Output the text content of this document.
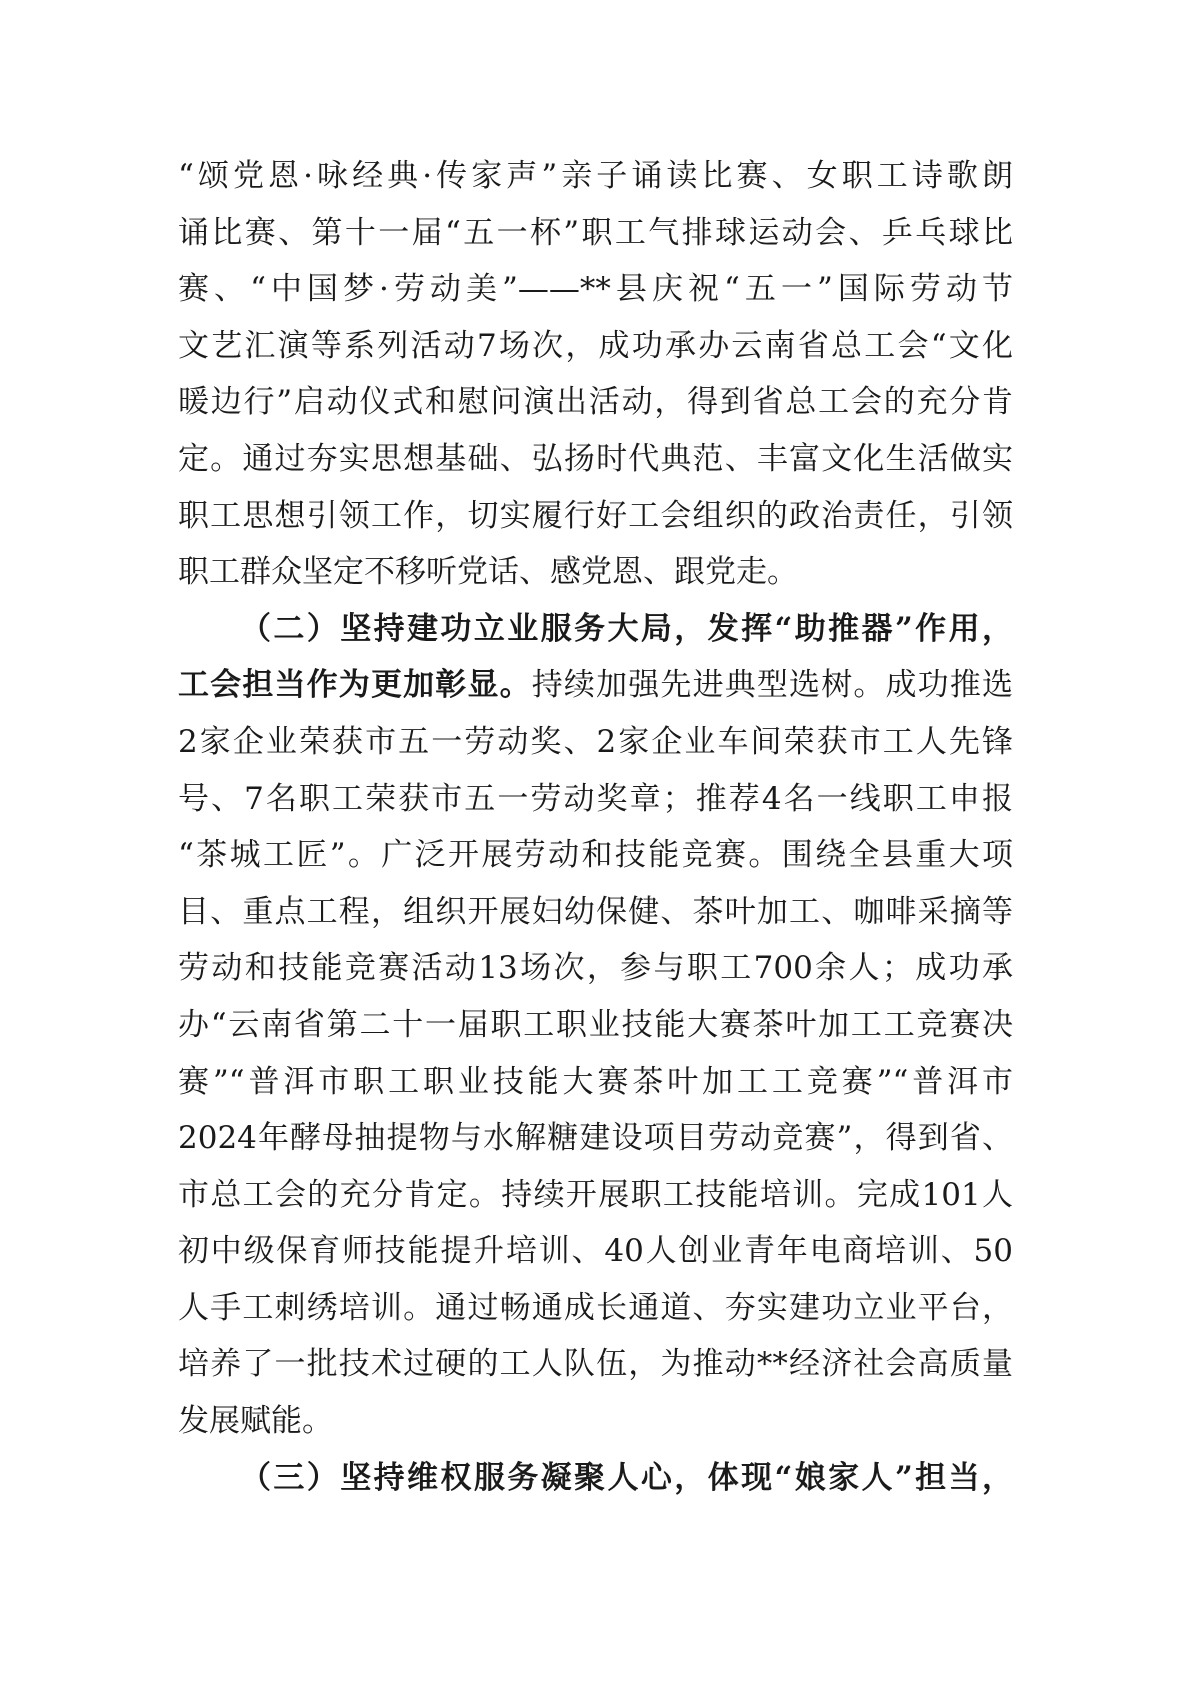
“颂党恩·咏经典·传家声”亲子诵读比赛、女职工诗歌朗
诵比赛、第十一届“五一杯”职工气排球运动会、乒乓球比
赛、“中国梦·劳动美”——**县庆祝“五一”国际劳动节
文艺汇演等系列活动7场次，成功承办云南省总工会“文化
暖边行”启动仪式和慰问演出活动，得到省总工会的充分肯
定。通过夯实思想基础、弘扬时代典范、丰富文化生活做实
职工思想引领工作，切实履行好工会组织的政治责任，引领
职工群众坚定不移听党话、感党恩、跟党走。
（二）坚持建功立业服务大局，发挥“助推器”作用，
工会担当作为更加彰显。持续加强先进典型选树。成功推选
2家企业荣获市五一劳动奖、2家企业车间荣获市工人先锋
号、7名职工荣获市五一劳动奖章；推荐4名一线职工申报
“茶城工匠”。广泛开展劳动和技能竞赛。围绕全县重大项
目、重点工程，组织开展妇幼保健、茶叶加工、咖啡采摘等
劳动和技能竞赛活动13场次，参与职工700余人；成功承
办“云南省第二十一届职工职业技能大赛茶叶加工工竞赛决
赛”“普洱市职工职业技能大赛茶叶加工工竞赛”“普洱市
2024年酵母抽提物与水解糖建设项目劳动竞赛”，得到省、
市总工会的充分肯定。持续开展职工技能培训。完成101人
初中级保育师技能提升培训、40人创业青年电商培训、50
人手工刺绣培训。通过畅通成长通道、夯实建功立业平台，
培养了一批技术过硬的工人队伍，为推动**经济社会高质量
发展赋能。
（三）坚持维权服务凝聚人心，体现“娘家人”担当，
